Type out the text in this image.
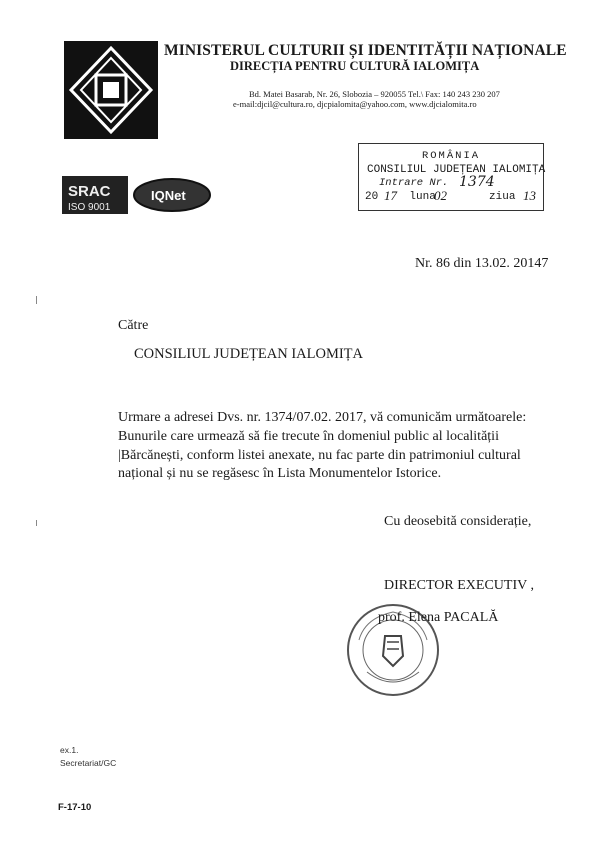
MINISTERUL CULTURII ȘI IDENTITĂȚII NAȚIONALE
DIRECȚIA PENTRU CULTURĂ IALOMIȚA
Bd. Matei Basarab, Nr. 26, Slobozia – 920055 Tel.\ Fax: 140 243 230 207
e-mail:djcil@cultura.ro, djcpialomita@yahoo.com, www.djcialomita.ro
ROMÂNIA
CONSILIUL JUDEȚEAN IALOMIȚA
Intrare Nr. 1374
20	luna	ziua
17	02	13
SRAC
ISO 9001
IQNet
Nr. 86 din 13.02. 20147
Către
CONSILIUL JUDEȚEAN IALOMIȚA
Urmare a adresei Dvs. nr. 1374/07.02. 2017, vă comunicăm următoarele:
Bunurile care urmează să fie trecute în domeniul public al localității |Bărcănești, conform listei anexate, nu fac parte din patrimoniul cultural național și nu se regăsesc în Lista Monumentelor Istorice.
Cu deosebită considerație,
DIRECTOR EXECUTIV ,
prof. Elena PACALĂ
ex.1.
Secretariat/GC
F-17-10
